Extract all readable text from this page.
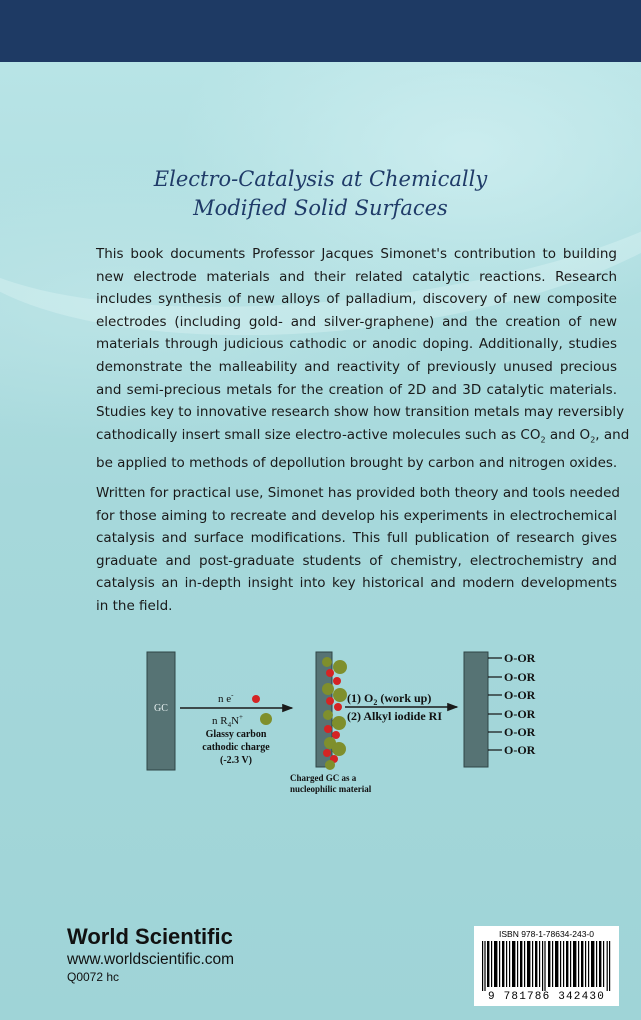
Electro-Catalysis at Chemically
Modified Solid Surfaces
This book documents Professor Jacques Simonet's contribution to building
new electrode materials and their related catalytic reactions. Research
includes synthesis of new alloys of palladium, discovery of new composite
electrodes (including gold- and silver-graphene) and the creation of new
materials through judicious cathodic or anodic doping. Additionally, studies
demonstrate the malleability and reactivity of previously unused precious
and semi-precious metals for the creation of 2D and 3D catalytic materials.
Studies key to innovative research show how transition metals may reversibly
cathodically insert small size electro-active molecules such as $CO_2$ and $O_2$, and
be applied to methods of depollution brought by carbon and nitrogen oxides.
Written for practical use, Simonet has provided both theory and tools needed
for those aiming to recreate and develop his experiments in electrochemical
catalysis and surface modifications. This full publication of research gives
graduate and post-graduate students of chemistry, electrochemistry and
catalysis an in-depth insight into key historical and modern developments
in the field.
GC
n e-
n $R_4N^+$
Glassy carbon
cathodic charge
(-2.3 V)
Charged GC as a
nucleophilic material
(1) $O_2$ (work up)
(2) Alkyl iodide RI
O-OR
O-OR
O-OR
O-OR
O-OR
O-OR
World Scientific
www.worldscientific.com
Q0072 hc
ISBN 978-1-78634-243-0
9 781786 342430
